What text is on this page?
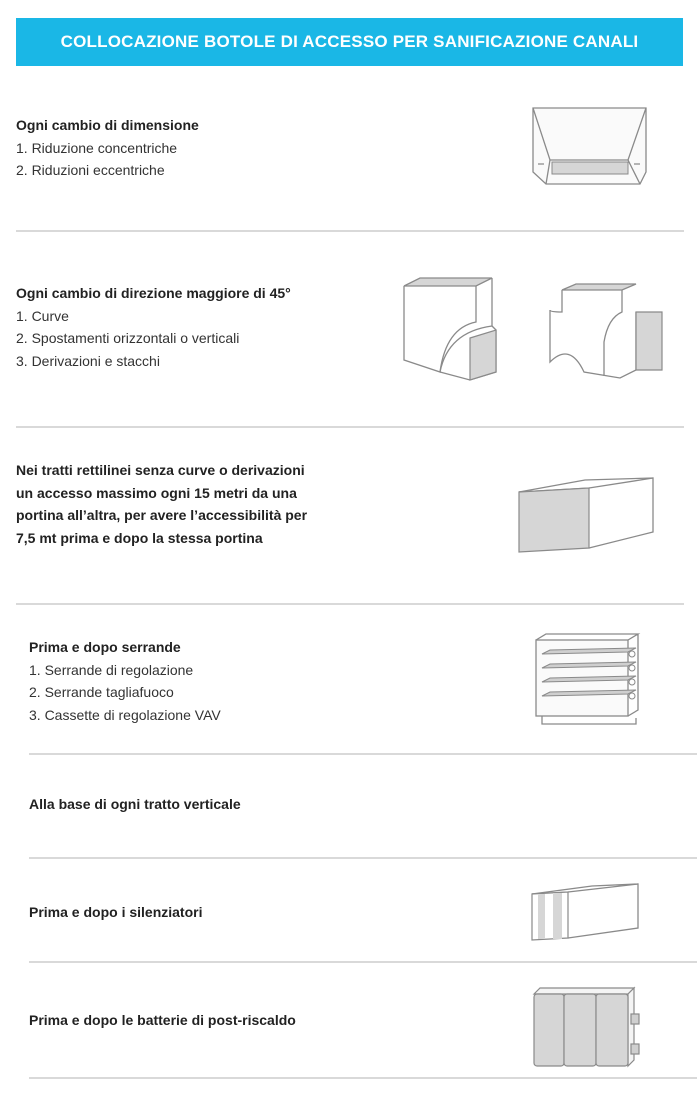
COLLOCAZIONE BOTOLE DI ACCESSO PER SANIFICAZIONE CANALI
Ogni cambio di dimensione
1. Riduzione concentriche
2. Riduzioni eccentriche
Ogni cambio di direzione maggiore di 45°
1. Curve
2. Spostamenti orizzontali o verticali
3. Derivazioni e stacchi
Nei tratti rettilinei senza curve o derivazioni
un accesso massimo ogni 15 metri da una
portina all’altra, per avere l’accessibilità per
7,5 mt prima e dopo la stessa portina
Prima e dopo serrande
1. Serrande di regolazione
2. Serrande tagliafuoco
3. Cassette di regolazione VAV
Alla base di ogni tratto verticale
Prima e dopo i silenziatori
Prima e dopo le batterie di post-riscaldo
